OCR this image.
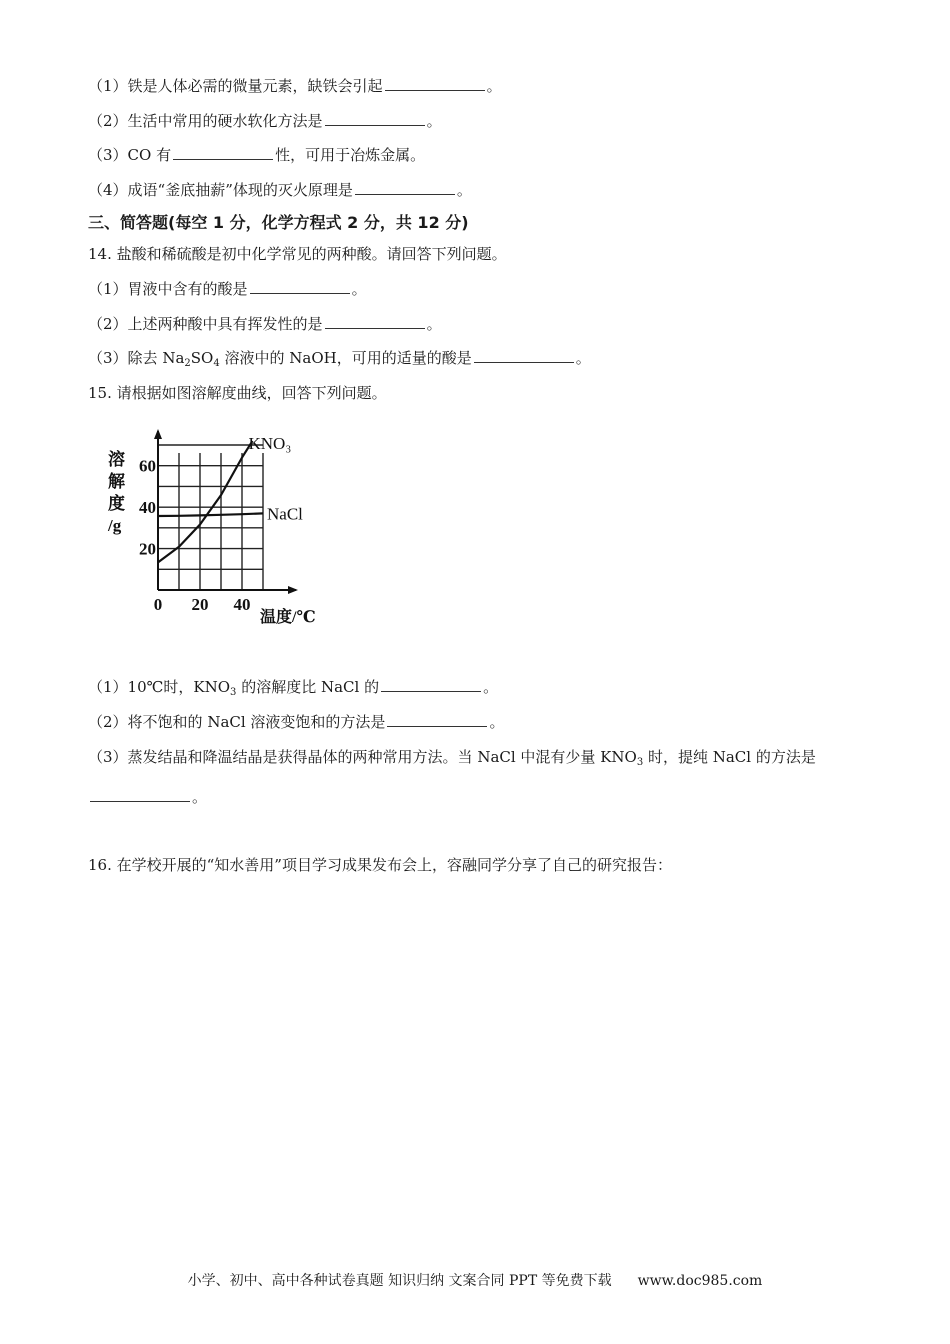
（1）铁是人体必需的微量元素，缺铁会引起	。
（2）生活中常用的硬水软化方法是	。
（3）CO 有	性，可用于冶炼金属。
（4）成语“釜底抽薪”体现的灭火原理是	。
三、简答题(每空 1 分，化学方程式 2 分，共 12 分)
14. 盐酸和稀硫酸是初中化学常见的两种酸。请回答下列问题。
（1）胃液中含有的酸是	。
（2）上述两种酸中具有挥发性的是	。
（3）除去 $Na_2SO_4$ 溶液中的 NaOH，可用的适量的酸是	。
15. 请根据如图溶解度曲线，回答下列问题。
KNO₃
NaCl
0 20 40
20
40
60
溶
解
度
/g
温度/℃
（1）10℃时，$KNO_3$ 的溶解度比 NaCl 的	。
（2）将不饱和的 NaCl 溶液变饱和的方法是	。
（3）蒸发结晶和降温结晶是获得晶体的两种常用方法。当 NaCl 中混有少量 $KNO_3$ 时，提纯 NaCl 的方法是
。
16. 在学校开展的“知水善用”项目学习成果发布会上，容融同学分享了自己的研究报告：
小学、初中、高中各种试卷真题 知识归纳 文案合同 PPT 等免费下载 www.doc985.com
